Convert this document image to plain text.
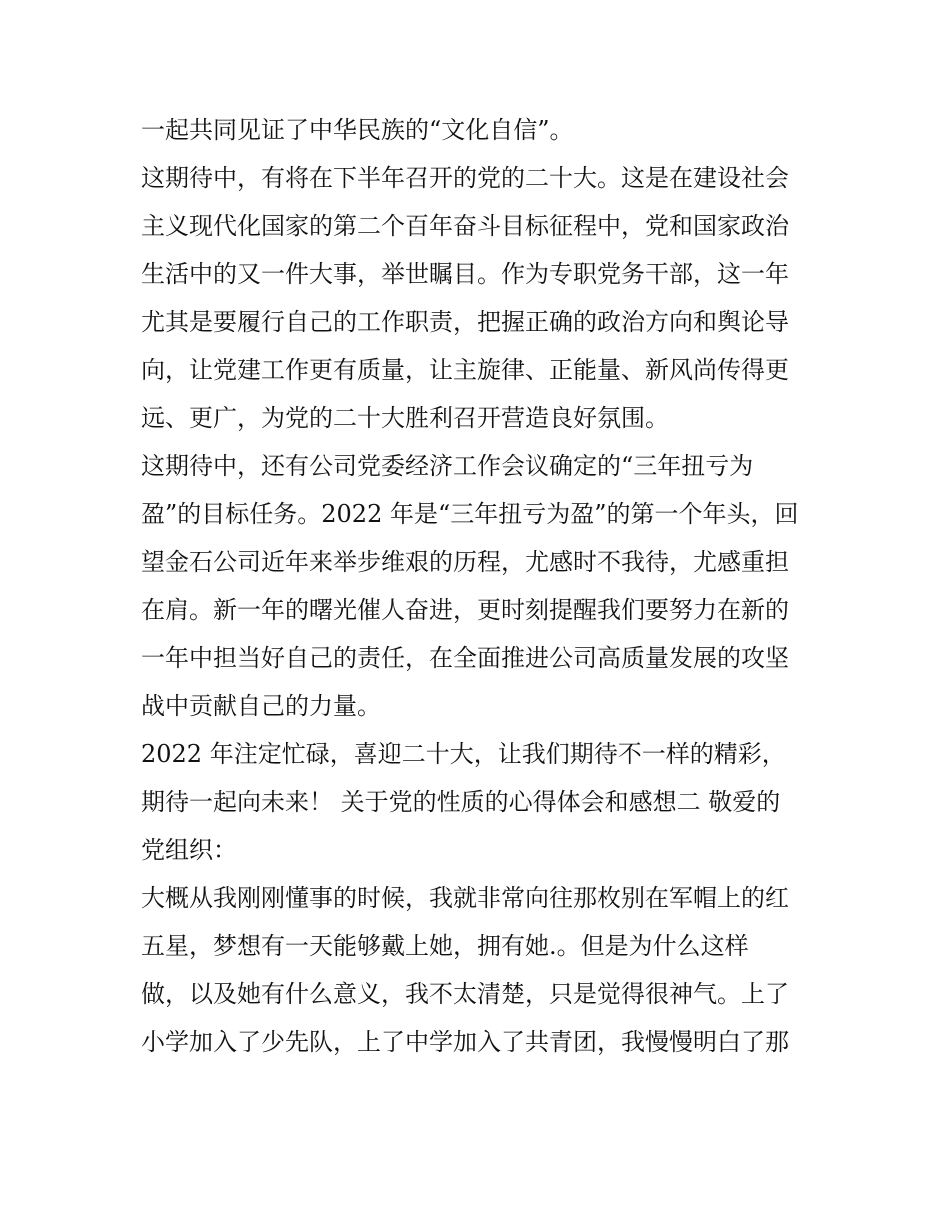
一起共同见证了中华民族的“文化自信”。
这期待中，有将在下半年召开的党的二十大。这是在建设社会
主义现代化国家的第二个百年奋斗目标征程中，党和国家政治
生活中的又一件大事，举世瞩目。作为专职党务干部，这一年
尤其是要履行自己的工作职责，把握正确的政治方向和舆论导
向，让党建工作更有质量，让主旋律、正能量、新风尚传得更
远、更广，为党的二十大胜利召开营造良好氛围。
这期待中，还有公司党委经济工作会议确定的“三年扭亏为
盈”的目标任务。2022 年是“三年扭亏为盈”的第一个年头，回
望金石公司近年来举步维艰的历程，尤感时不我待，尤感重担
在肩。新一年的曙光催人奋进，更时刻提醒我们要努力在新的
一年中担当好自己的责任，在全面推进公司高质量发展的攻坚
战中贡献自己的力量。
2022 年注定忙碌，喜迎二十大，让我们期待不一样的精彩，
期待一起向未来！ 关于党的性质的心得体会和感想二 敬爱的
党组织：
大概从我刚刚懂事的时候，我就非常向往那枚别在军帽上的红
五星，梦想有一天能够戴上她，拥有她.。但是为什么这样
做，以及她有什么意义，我不太清楚，只是觉得很神气。上了
小学加入了少先队，上了中学加入了共青团，我慢慢明白了那
